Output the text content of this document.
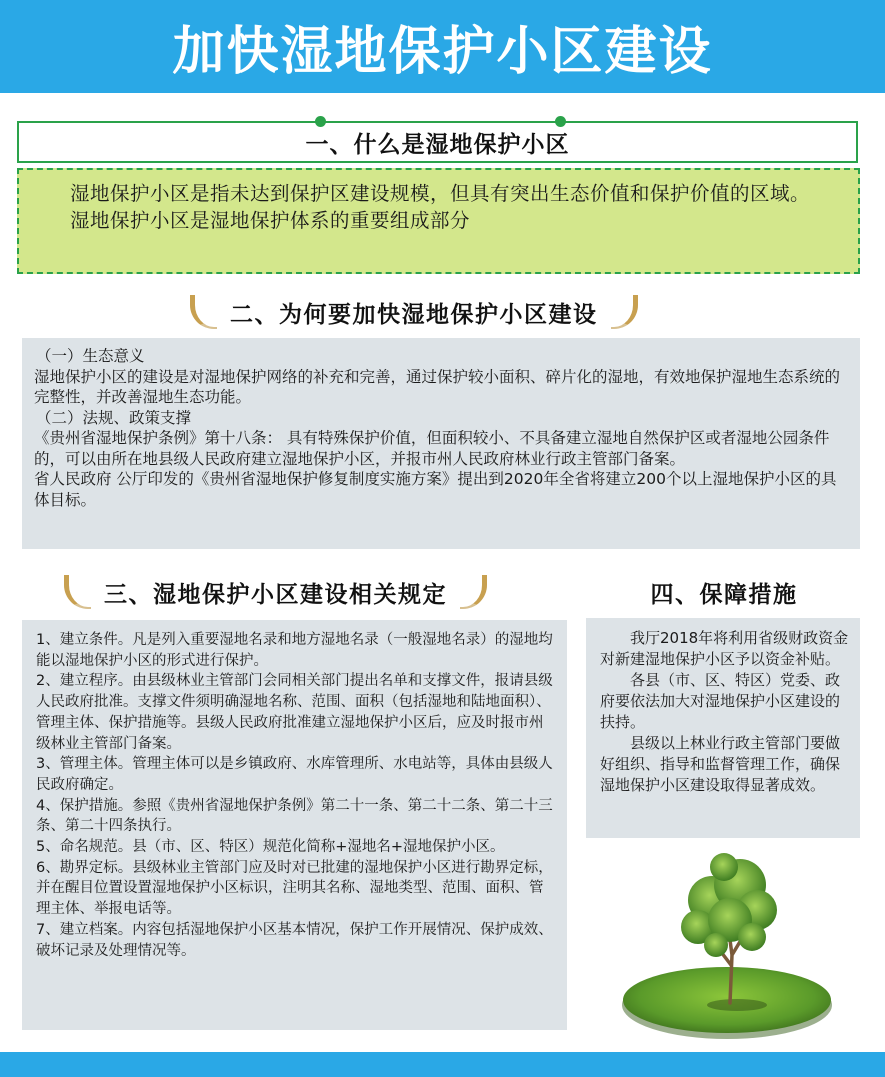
加快湿地保护小区建设
一、什么是湿地保护小区

湿地保护小区是指未达到保护区建设规模，但具有突出生态价值和保护价值的区域。

湿地保护小区是湿地保护体系的重要组成部分

二、为何要加快湿地保护小区建设

（一）生态意义

湿地保护小区的建设是对湿地保护网络的补充和完善，通过保护较小面积、碎片化的湿地，有效地保护湿地生态系统的完整性，并改善湿地生态功能。

（二）法规、政策支撑

《贵州省湿地保护条例》第十八条： 具有特殊保护价值，但面积较小、不具备建立湿地自然保护区或者湿地公园条件的，可以由所在地县级人民政府建立湿地保护小区，并报市州人民政府林业行政主管部门备案。

省人民政府 公厅印发的《贵州省湿地保护修复制度实施方案》提出到2020年全省将建立200个以上湿地保护小区的具体目标。

三、湿地保护小区建设相关规定

1、建立条件。凡是列入重要湿地名录和地方湿地名录（一般湿地名录）的湿地均能以湿地保护小区的形式进行保护。

2、建立程序。由县级林业主管部门会同相关部门提出名单和支撑文件，报请县级人民政府批准。支撑文件须明确湿地名称、范围、面积（包括湿地和陆地面积）、管理主体、保护措施等。县级人民政府批准建立湿地保护小区后，应及时报市州级林业主管部门备案。

3、管理主体。管理主体可以是乡镇政府、水库管理所、水电站等，具体由县级人民政府确定。

4、保护措施。参照《贵州省湿地保护条例》第二十一条、第二十二条、第二十三条、第二十四条执行。

5、命名规范。县（市、区、特区）规范化简称+湿地名+湿地保护小区。

6、勘界定标。县级林业主管部门应及时对已批建的湿地保护小区进行勘界定标，并在醒目位置设置湿地保护小区标识，注明其名称、湿地类型、范围、面积、管理主体、举报电话等。

7、建立档案。内容包括湿地保护小区基本情况，保护工作开展情况、保护成效、破坏记录及处理情况等。

四、保障措施

我厅2018年将利用省级财政资金对新建湿地保护小区予以资金补贴。

各县（市、区、特区）党委、政府要依法加大对湿地保护小区建设的扶持。

县级以上林业行政主管部门要做好组织、指导和监督管理工作，确保湿地保护小区建设取得显著成效。
